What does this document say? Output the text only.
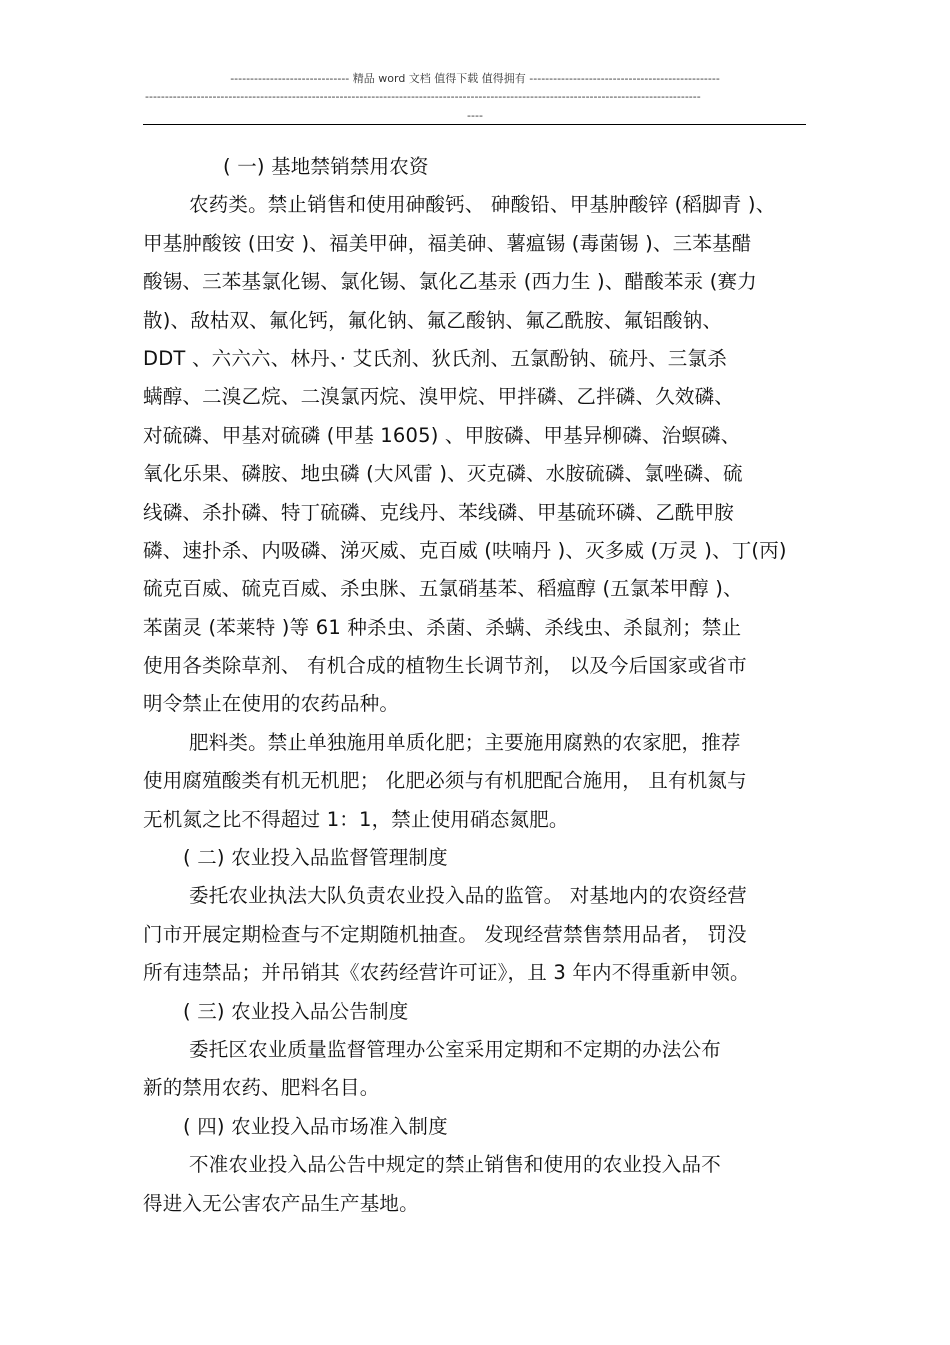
------------------------------ 精品 word 文档 值得下载 值得拥有 ------------------------------------------------
--------------------------------------------------------------------------------------------------------------------------------------------
----
( 一) 基地禁销禁用农资
农药类。禁止销售和使用砷酸钙、 砷酸铅、甲基肿酸锌 (稻脚青 )、
甲基肿酸铵 (田安 )、福美甲砷，福美砷、薯瘟锡 (毒菌锡 )、三苯基醋
酸锡、三苯基氯化锡、氯化锡、氯化乙基汞 (西力生 )、醋酸苯汞 (赛力
散)、敌枯双、氟化钙，氟化钠、氟乙酸钠、氟乙酰胺、氟铝酸钠、
DDT 、六六六、林丹、· 艾氏剂、狄氏剂、五氯酚钠、硫丹、三氯杀
螨醇、二溴乙烷、二溴氯丙烷、溴甲烷、甲拌磷、乙拌磷、久效磷、
对硫磷、甲基对硫磷 (甲基 1605) 、甲胺磷、甲基异柳磷、治螟磷、
氧化乐果、磷胺、地虫磷 (大风雷 )、灭克磷、水胺硫磷、氯唑磷、硫
线磷、杀扑磷、特丁硫磷、克线丹、苯线磷、甲基硫环磷、乙酰甲胺
磷、速扑杀、内吸磷、涕灭威、克百威 (呋喃丹 )、灭多威 (万灵 )、丁(丙)
硫克百威、硫克百威、杀虫脒、五氯硝基苯、稻瘟醇 (五氯苯甲醇 )、
苯菌灵 (苯莱特 )等 61 种杀虫、杀菌、杀螨、杀线虫、杀鼠剂；禁止
使用各类除草剂、 有机合成的植物生长调节剂， 以及今后国家或省市
明令禁止在使用的农药品种。
肥料类。禁止单独施用单质化肥；主要施用腐熟的农家肥，推荐
使用腐殖酸类有机无机肥； 化肥必须与有机肥配合施用， 且有机氮与
无机氮之比不得超过 1：1，禁止使用硝态氮肥。
( 二) 农业投入品监督管理制度
委托农业执法大队负责农业投入品的监管。 对基地内的农资经营
门市开展定期检查与不定期随机抽查。 发现经营禁售禁用品者， 罚没
所有违禁品；并吊销其《农药经营许可证》，且 3 年内不得重新申领。
( 三) 农业投入品公告制度
委托区农业质量监督管理办公室采用定期和不定期的办法公布
新的禁用农药、肥料名目。
( 四) 农业投入品市场准入制度
不准农业投入品公告中规定的禁止销售和使用的农业投入品不
得进入无公害农产品生产基地。
